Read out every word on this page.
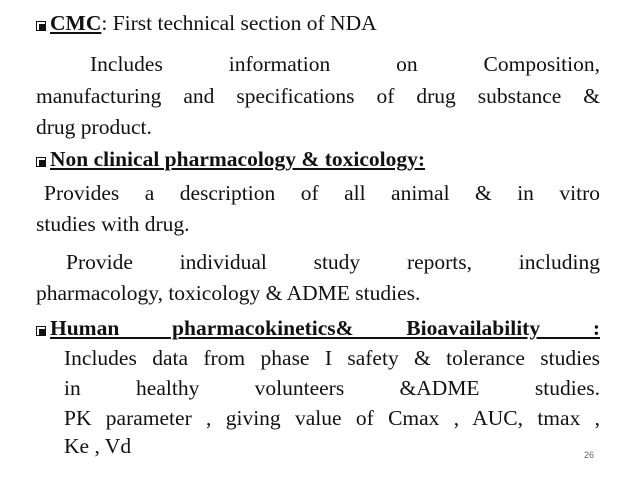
CMC: First technical section of NDA
Includes information on Composition,
manufacturing and specifications of drug substance &
drug product.
Non clinical pharmacology & toxicology:
Provides a description of all animal & in vitro
studies with drug.
Provide individual study reports, including
pharmacology, toxicology & ADME studies.
Human pharmacokinetics& Bioavailability :
Includes data from phase I safety & tolerance studies
in healthy volunteers &ADME studies.
PK parameter , giving value of Cmax , AUC, tmax ,
Ke , Vd	26
